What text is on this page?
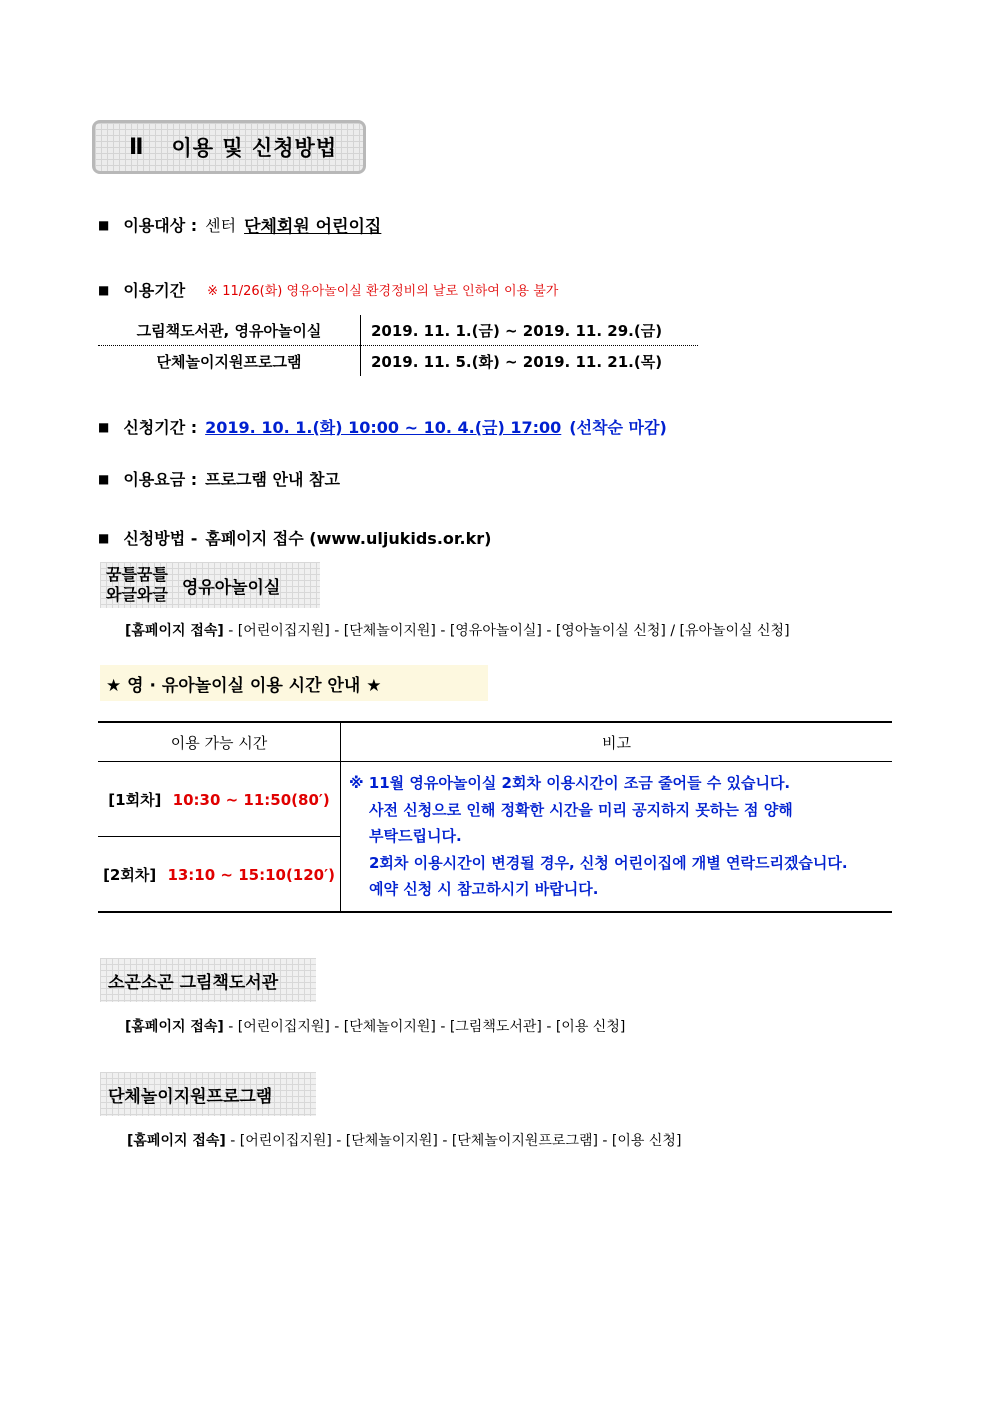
Ⅱ 이용 및 신청방법
■ 이용대상 : 센터 단체회원 어린이집
■ 이용기간 ※ 11/26(화) 영유아놀이실 환경정비의 날로 인하여 이용 불가
그림책도서관, 영유아놀이실	2019. 11. 1.(금) ~ 2019. 11. 29.(금)
단체놀이지원프로그램	2019. 11. 5.(화) ~ 2019. 11. 21.(목)
■ 신청기간 : 2019. 10. 1.(화) 10:00 ~ 10. 4.(금) 17:00 (선착순 마감)
■ 이용요금 : 프로그램 안내 참고
■ 신청방법 - 홈페이지 접수 (www.uljukids.or.kr)
꿈틀꿈틀
와글와글 영유아놀이실
[홈페이지 접속] - [어린이집지원] - [단체놀이지원] - [영유아놀이실] - [영아놀이실 신청] / [유아놀이실 신청]
★ 영 · 유아놀이실 이용 시간 안내 ★
이용 가능 시간	비고
[1회차] 10:30 ~ 11:50(80′)	※ 11월 영유아놀이실 2회차 이용시간이 조금 줄어들 수 있습니다.
사전 신청으로 인해 정확한 시간을 미리 공지하지 못하는 점 양해
부탁드립니다.
2회차 이용시간이 변경될 경우, 신청 어린이집에 개별 연락드리겠습니다.
예약 신청 시 참고하시기 바랍니다.

[2회차] 13:10 ~ 15:10(120′)	
소곤소곤 그림책도서관
[홈페이지 접속] - [어린이집지원] - [단체놀이지원] - [그림책도서관] - [이용 신청]
단체놀이지원프로그램
[홈페이지 접속] - [어린이집지원] - [단체놀이지원] - [단체놀이지원프로그램] - [이용 신청]
